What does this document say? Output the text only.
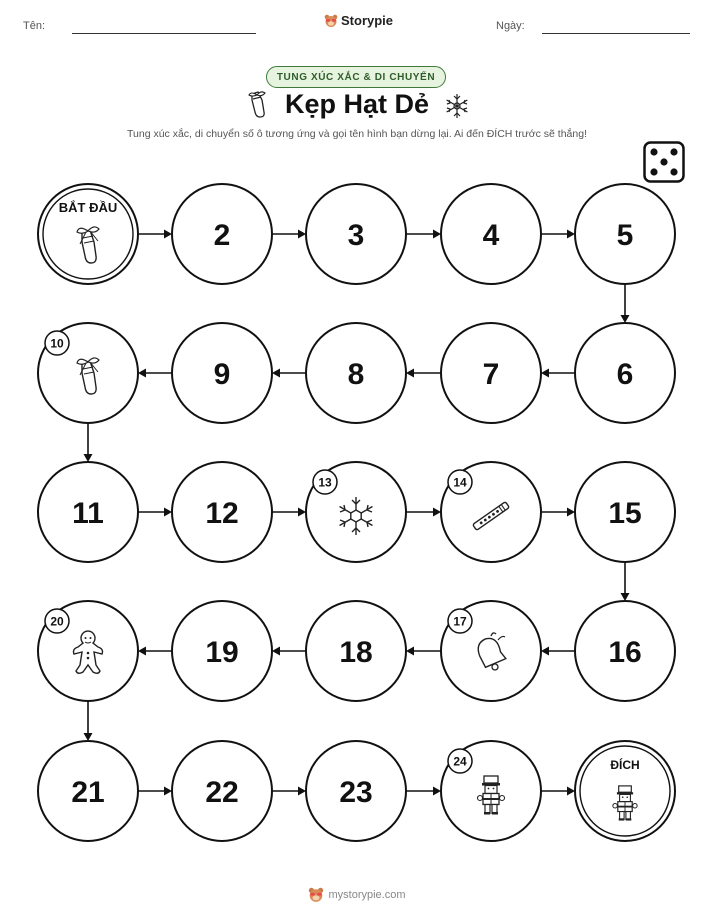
Tên:	Storypie	Ngày:
TUNG XÚC XẮC & DI CHUYỂN
Kẹp Hạt Dẻ
Tung xúc xắc, di chuyển số ô tương ứng và gọi tên hình bạn dừng lại. Ai đến ĐÍCH trước sẽ thắng!
BẮT ĐẦU
2	3	4	5
6
7
8
9
10
11	12
13	14
15
16
17
18
19
20
21	22	23
24	ĐÍCH
mystorypie.com
